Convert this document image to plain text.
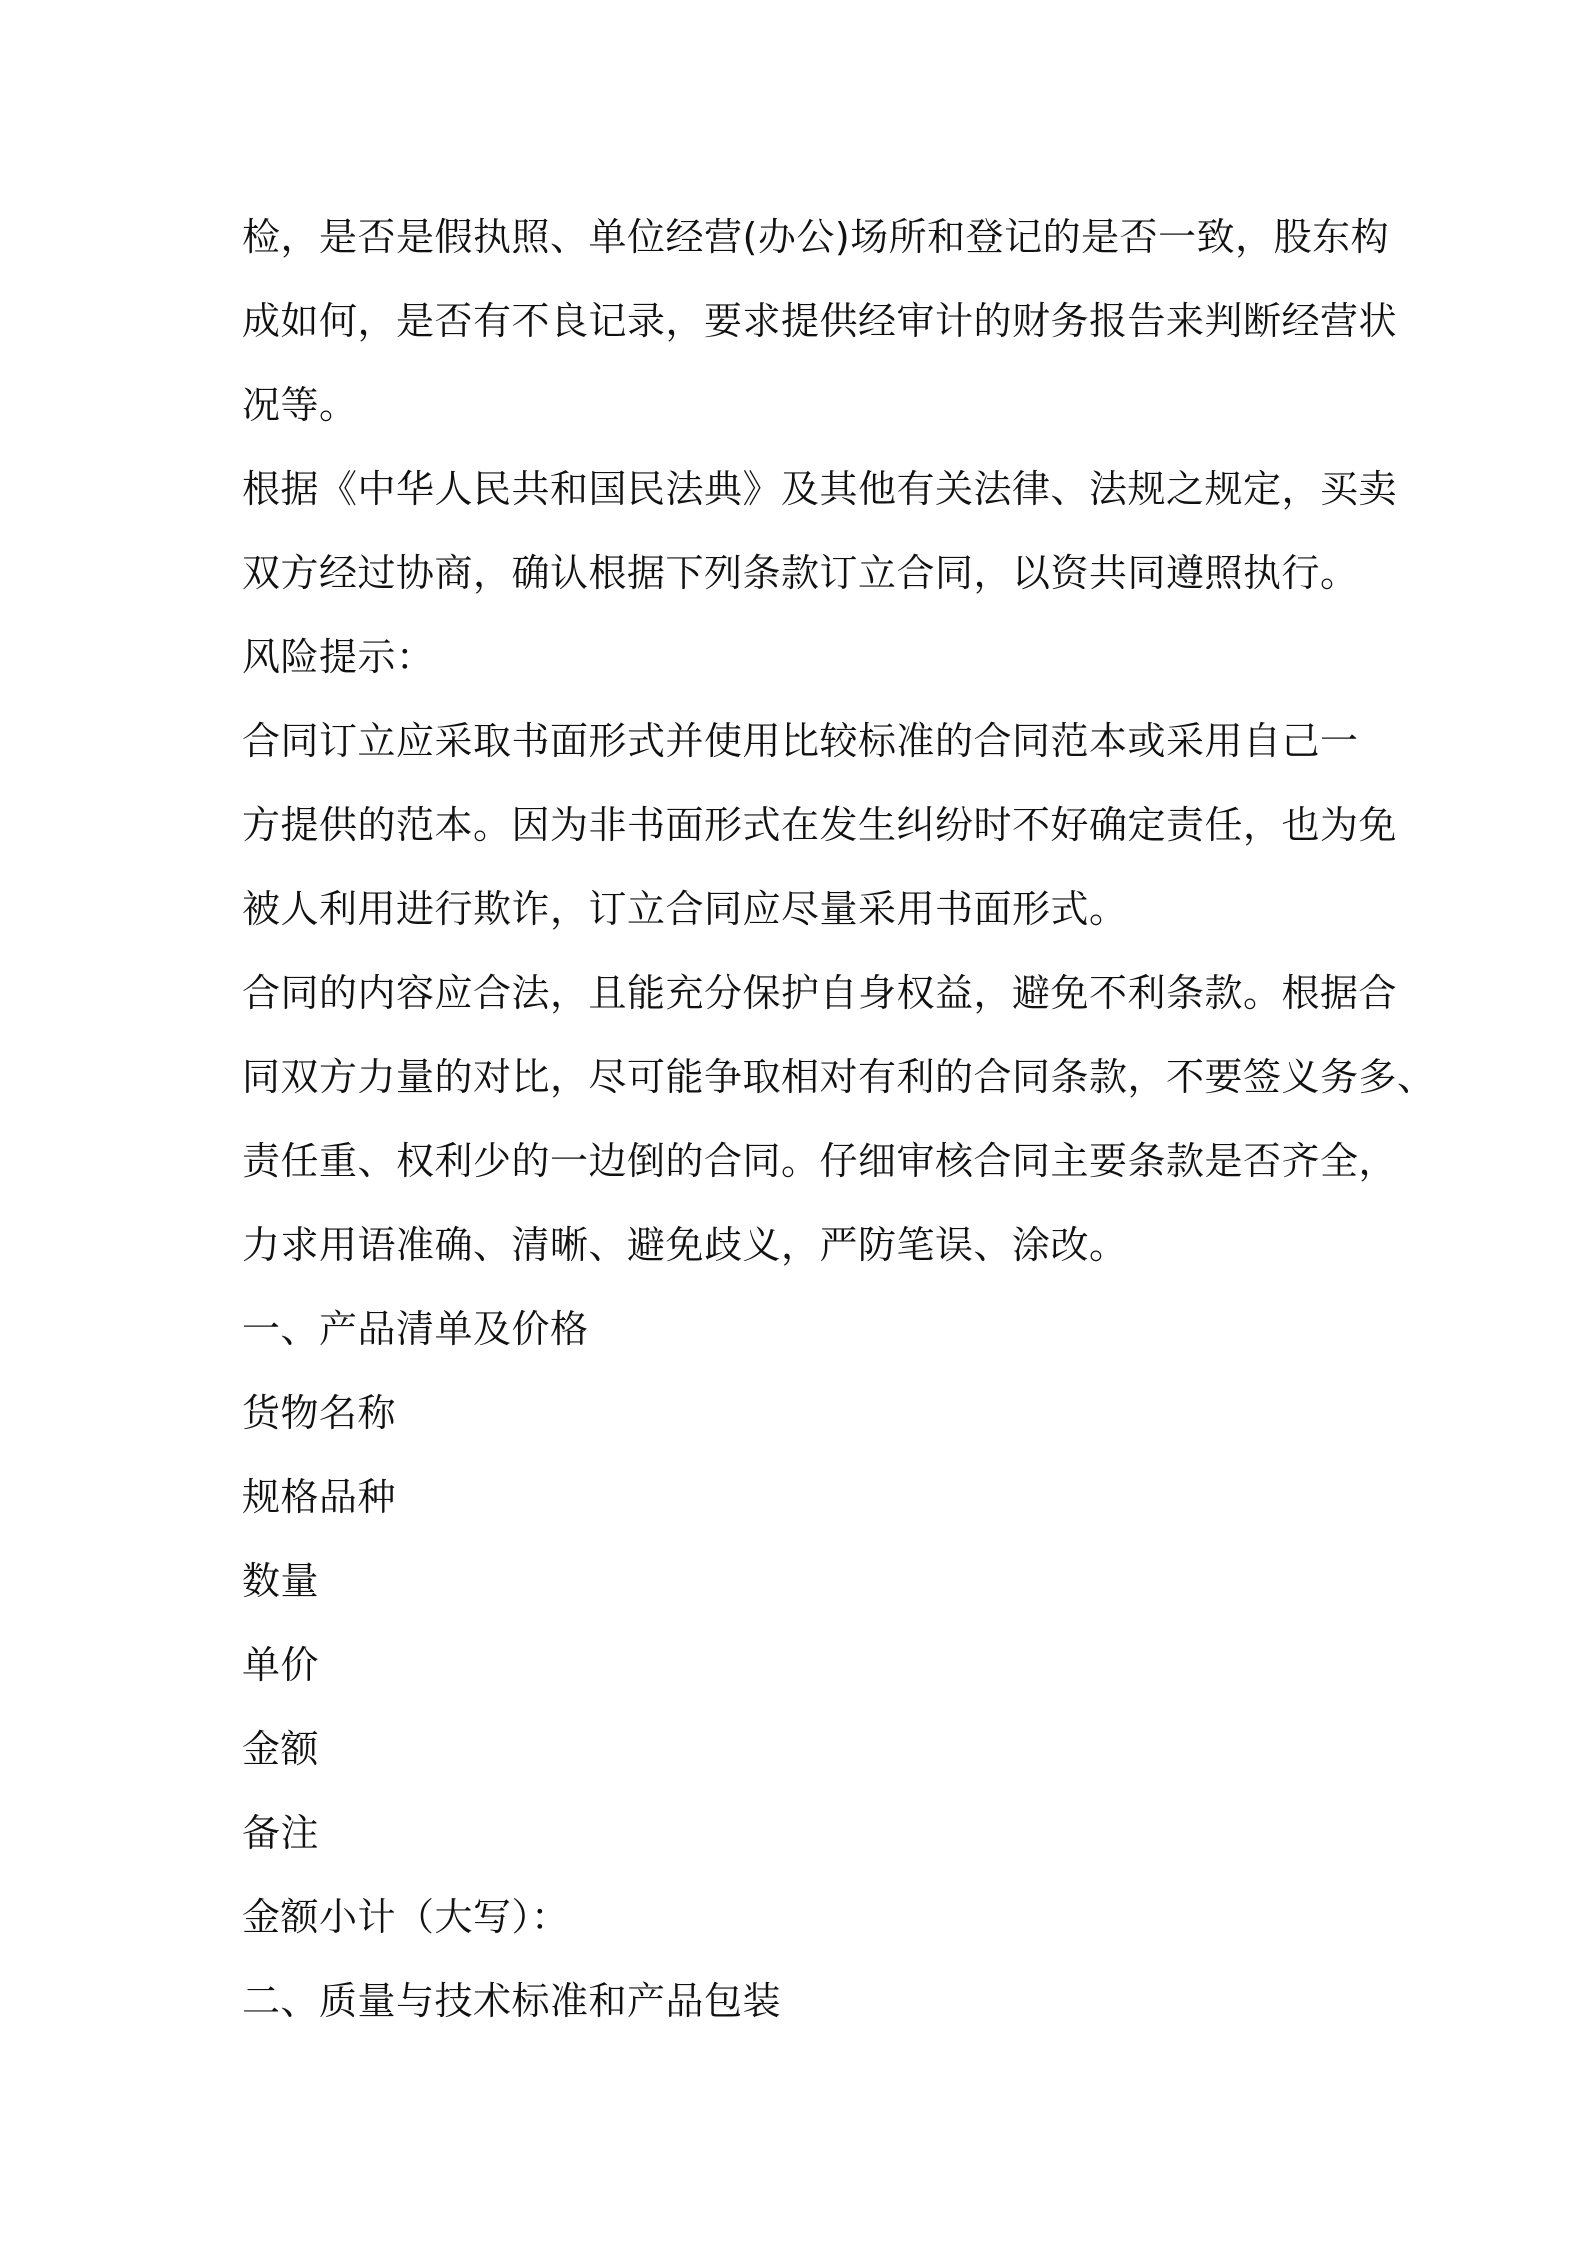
检，是否是假执照、单位经营(办公)场所和登记的是否一致，股东构
成如何，是否有不良记录，要求提供经审计的财务报告来判断经营状
况等。
根据《中华人民共和国民法典》及其他有关法律、法规之规定，买卖
双方经过协商，确认根据下列条款订立合同，以资共同遵照执行。
风险提示：
合同订立应采取书面形式并使用比较标准的合同范本或采用自己一
方提供的范本。因为非书面形式在发生纠纷时不好确定责任，也为免
被人利用进行欺诈，订立合同应尽量采用书面形式。
合同的内容应合法，且能充分保护自身权益，避免不利条款。根据合
同双方力量的对比，尽可能争取相对有利的合同条款，不要签义务多、
责任重、权利少的一边倒的合同。仔细审核合同主要条款是否齐全，
力求用语准确、清晰、避免歧义，严防笔误、涂改。
一、产品清单及价格
货物名称
规格品种
数量
单价
金额
备注
金额小计（大写）：
二、质量与技术标准和产品包装
